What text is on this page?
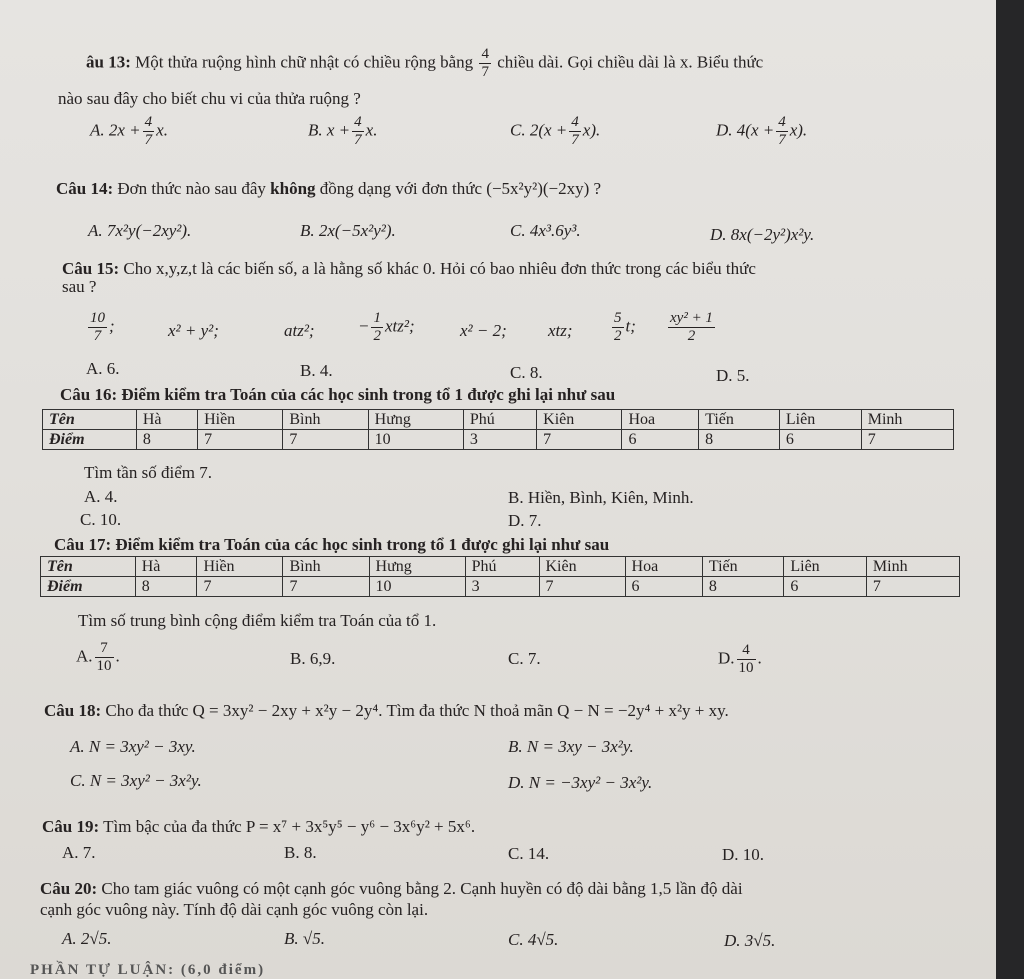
âu 13: Một thửa ruộng hình chữ nhật có chiều rộng bằng $\frac{4}{7}$ chiều dài. Gọi chiều dài là x. Biểu thức
nào sau đây cho biết chu vi của thửa ruộng ?
A. $2x + \frac{4}{7} x$.	B. $x + \frac{4}{7} x$.	C. $2(x + \frac{4}{7} x)$.	D. $4(x + \frac{4}{7} x)$.
Câu 14: Đơn thức nào sau đây không đồng dạng với đơn thức (−5x²y²)(−2xy) ?
A. 7x²y(−2xy²).	B. 2x(−5x²y²).	C. 4x³.6y³.	D. 8x(−2y²)x²y.
Câu 15: Cho x,y,z,t là các biến số, a là hằng số khác 0. Hỏi có bao nhiêu đơn thức trong các biểu thức
sau ?
$\frac{10}{7}$ ;	x² + y²;	atz²;	− $\frac{1}{2} xtz^2$;	x² − 2; xtz;	$\frac{5}{2} t$; $\frac{\text{xy² + 1}}{2}$
A. 6.	B. 4.	C. 8.	D. 5.
Câu 16: Điểm kiểm tra Toán của các học sinh trong tổ 1 được ghi lại như sau
Tên	Hà	Hiền	Bình	Hưng	Phú	Kiên	Hoa	Tiến	Liên	Minh
Điểm	8	7	7	10	3	7	6	8	6	7
Tìm tần số điểm 7.
A. 4.	B. Hiền, Bình, Kiên, Minh.
C. 10.	D. 7.
Câu 17: Điểm kiểm tra Toán của các học sinh trong tổ 1 được ghi lại như sau
Tên	Hà	Hiền	Bình	Hưng	Phú	Kiên	Hoa	Tiến	Liên	Minh
Điểm	8	7	7	10	3	7	6	8	6	7
Tìm số trung bình cộng điểm kiểm tra Toán của tổ 1.
A. $\frac{7}{10}$ .	B. 6,9.	C. 7.	D. $\frac{4}{10}$ .
Câu 18: Cho đa thức Q = 3xy² − 2xy + x²y − 2y⁴. Tìm đa thức N thoả mãn Q − N = −2y⁴ + x²y + xy.
A. N = 3xy² − 3xy.	B. N = 3xy − 3x²y.
C. N = 3xy² − 3x²y.	D. N = −3xy² − 3x²y.
Câu 19: Tìm bậc của đa thức P = x⁷ + 3x⁵y⁵ − y⁶ − 3x⁶y² + 5x⁶.
A. 7.	B. 8.	C. 14.	D. 10.
Câu 20: Cho tam giác vuông có một cạnh góc vuông bằng 2. Cạnh huyền có độ dài bằng 1,5 lần độ dài
cạnh góc vuông này. Tính độ dài cạnh góc vuông còn lại.
A. 2√5.	B. √5.	C. 4√5.	D. 3√5.
PHẦN TỰ LUẬN: (6,0 điểm)
